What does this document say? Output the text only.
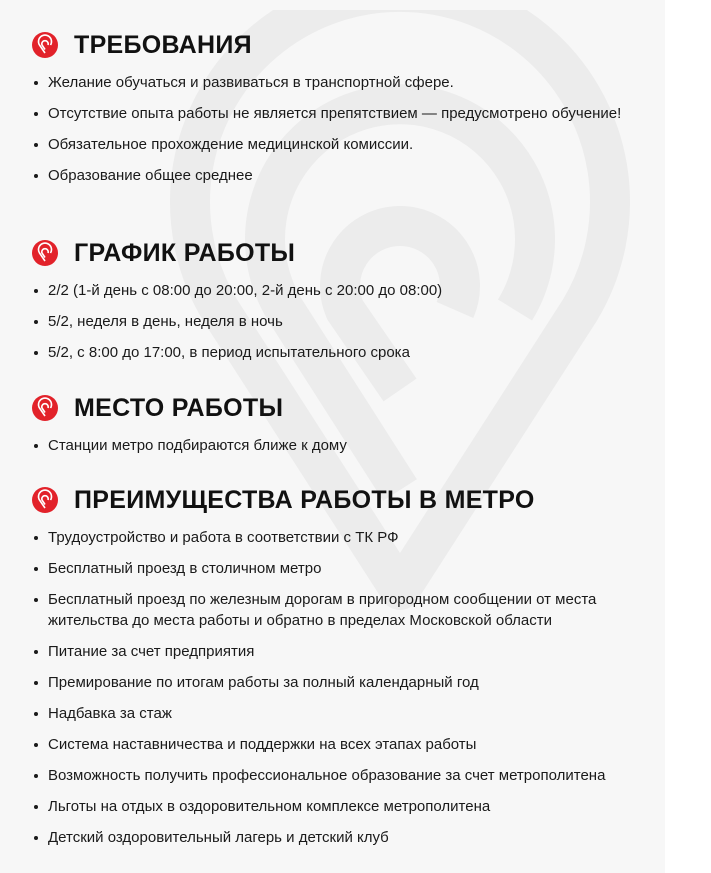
ТРЕБОВАНИЯ
Желание обучаться и развиваться в транспортной сфере.
Отсутствие опыта работы не является препятствием — предусмотрено обучение!
Обязательное прохождение медицинской комиссии.
Образование общее среднее
ГРАФИК РАБОТЫ
2/2 (1-й день с 08:00 до 20:00, 2-й день с 20:00 до 08:00)
5/2, неделя в день, неделя в ночь
5/2, с 8:00 до 17:00, в период испытательного срока
МЕСТО РАБОТЫ
Станции метро подбираются ближе к дому
ПРЕИМУЩЕСТВА РАБОТЫ В МЕТРО
Трудоустройство и работа в соответствии с ТК РФ
Бесплатный проезд в столичном метро
Бесплатный проезд по железным дорогам в пригородном сообщении от места жительства до места работы и обратно в пределах Московской области
Питание за счет предприятия
Премирование по итогам работы за полный календарный год
Надбавка за стаж
Система наставничества и поддержки на всех этапах работы
Возможность получить профессиональное образование за счет метрополитена
Льготы на отдых в оздоровительном комплексе метрополитена
Детский оздоровительный лагерь и детский клуб
